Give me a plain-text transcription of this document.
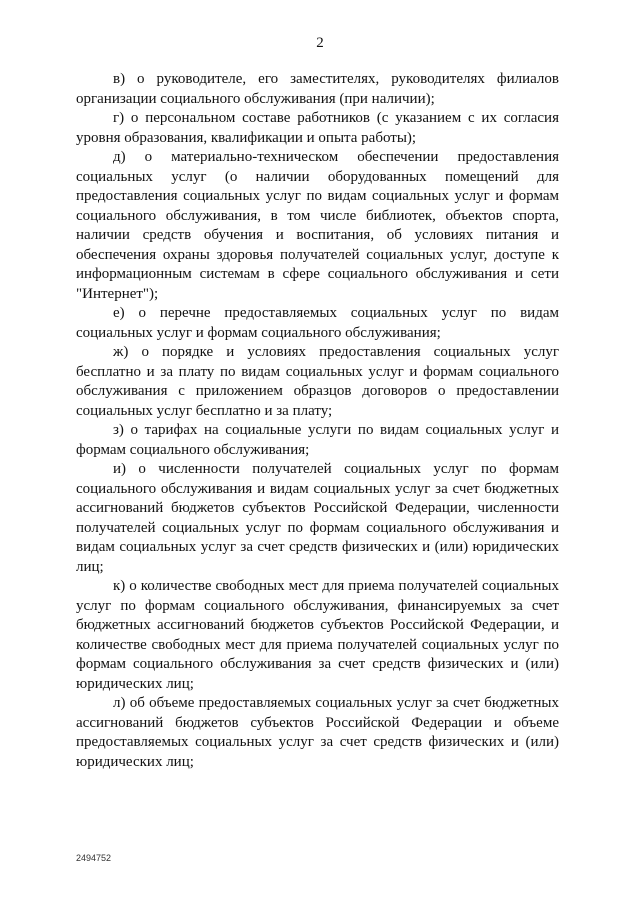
2

в) о руководителе, его заместителях, руководителях филиалов организации социального обслуживания (при наличии);

г) о персональном составе работников (с указанием с их согласия уровня образования, квалификации и опыта работы);

д) о материально-техническом обеспечении предоставления социальных услуг (о наличии оборудованных помещений для предоставления социальных услуг по видам социальных услуг и формам социального обслуживания, в том числе библиотек, объектов спорта, наличии средств обучения и воспитания, об условиях питания и обеспечения охраны здоровья получателей социальных услуг, доступе к информационным системам в сфере социального обслуживания и сети "Интернет");

е) о перечне предоставляемых социальных услуг по видам социальных услуг и формам социального обслуживания;

ж) о порядке и условиях предоставления социальных услуг бесплатно и за плату по видам социальных услуг и формам социального обслуживания с приложением образцов договоров о предоставлении социальных услуг бесплатно и за плату;

з) о тарифах на социальные услуги по видам социальных услуг и формам социального обслуживания;

и) о численности получателей социальных услуг по формам социального обслуживания и видам социальных услуг за счет бюджетных ассигнований бюджетов субъектов Российской Федерации, численности получателей социальных услуг по формам социального обслуживания и видам социальных услуг за счет средств физических и (или) юридических лиц;

к) о количестве свободных мест для приема получателей социальных услуг по формам социального обслуживания, финансируемых за счет бюджетных ассигнований бюджетов субъектов Российской Федерации, и количестве свободных мест для приема получателей социальных услуг по формам социального обслуживания за счет средств физических и (или) юридических лиц;

л) об объеме предоставляемых социальных услуг за счет бюджетных ассигнований бюджетов субъектов Российской Федерации и объеме предоставляемых социальных услуг за счет средств физических и (или) юридических лиц;

2494752
